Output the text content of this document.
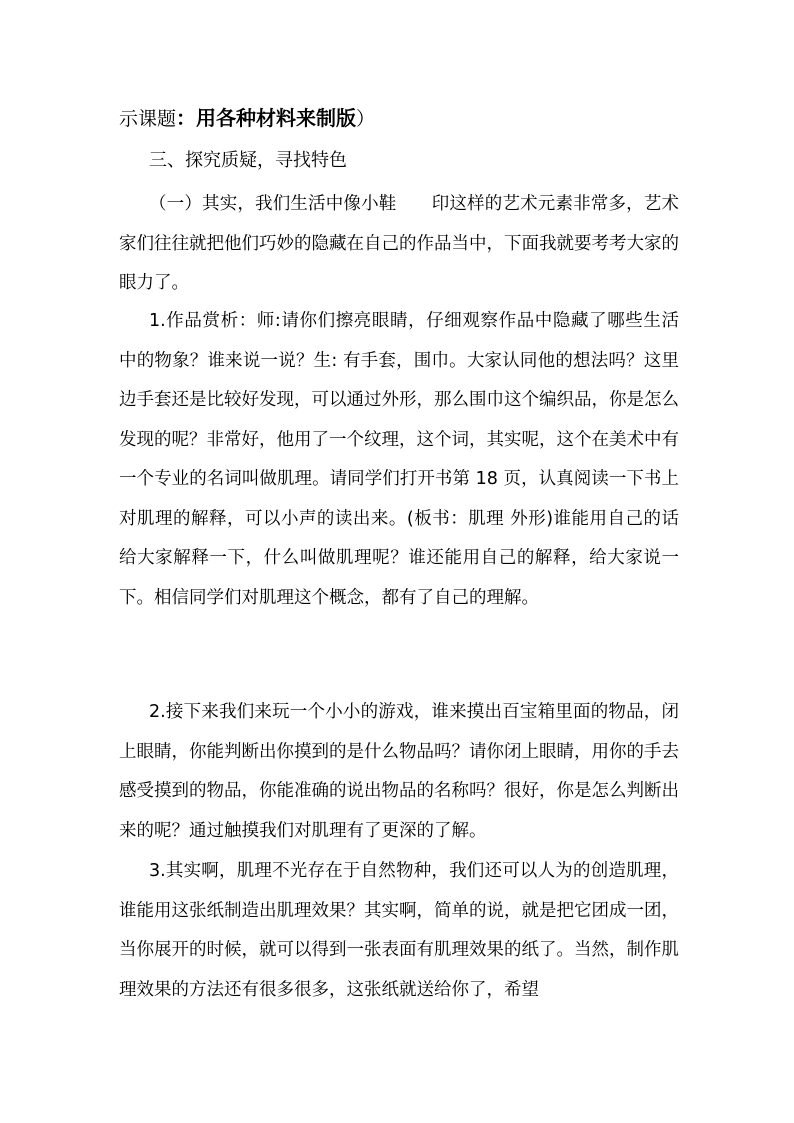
示课题：用各种材料来制版）
三、探究质疑，寻找特色

（一）其实，我们生活中像小鞋　　印这样的艺术元素非常多，艺术家们往往就把他们巧妙的隐藏在自己的作品当中，下面我就要考考大家的眼力了。

1.作品赏析：师:请你们擦亮眼睛，仔细观察作品中隐藏了哪些生活中的物象？谁来说一说？生: 有手套，围巾。大家认同他的想法吗？这里边手套还是比较好发现，可以通过外形，那么围巾这个编织品，你是怎么发现的呢？非常好，他用了一个纹理，这个词，其实呢，这个在美术中有一个专业的名词叫做肌理。请同学们打开书第 18 页，认真阅读一下书上对肌理的解释，可以小声的读出来。(板书：肌理 外形)谁能用自己的话给大家解释一下，什么叫做肌理呢？谁还能用自己的解释，给大家说一下。相信同学们对肌理这个概念，都有了自己的理解。

2.接下来我们来玩一个小小的游戏，谁来摸出百宝箱里面的物品，闭上眼睛，你能判断出你摸到的是什么物品吗？请你闭上眼睛，用你的手去感受摸到的物品，你能准确的说出物品的名称吗？很好，你是怎么判断出来的呢？通过触摸我们对肌理有了更深的了解。

3.其实啊，肌理不光存在于自然物种，我们还可以人为的创造肌理，谁能用这张纸制造出肌理效果？其实啊，简单的说，就是把它团成一团，当你展开的时候，就可以得到一张表面有肌理效果的纸了。当然，制作肌理效果的方法还有很多很多，这张纸就送给你了，希望
